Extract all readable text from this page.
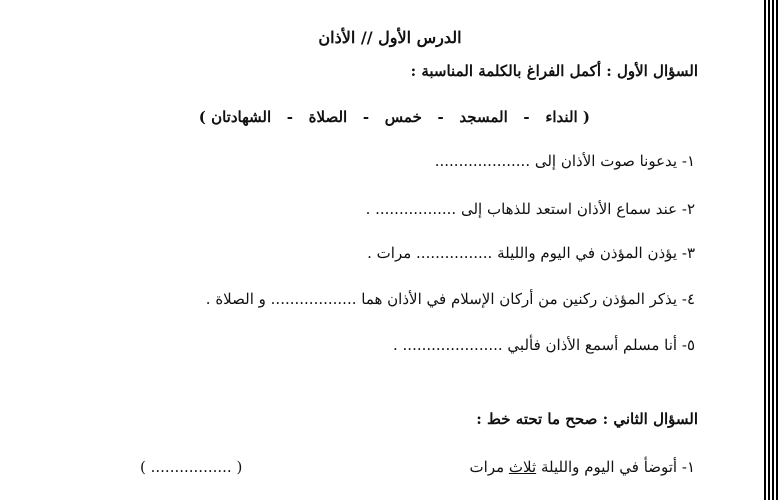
الدرس الأول // الأذان
السؤال الأول : أكمل الفراغ بالكلمة المناسبة :
( النداء   -   المسجد   -   خمس   -   الصلاة   -   الشهادتان )
١- يدعونا صوت الأذان إلى ....................
٢- عند سماع الأذان استعد للذهاب إلى ................. .
٣- يؤذن المؤذن في اليوم والليلة ................ مرات .
٤- يذكر المؤذن ركنين من أركان الإسلام في الأذان هما .................. و الصلاة .
٥- أنا مسلم أسمع الأذان فألبي ..................... .
السؤال الثاني : صحح ما تحته خط :
١- أتوضأ في اليوم والليلة ثلاث مرات
( ................. )
